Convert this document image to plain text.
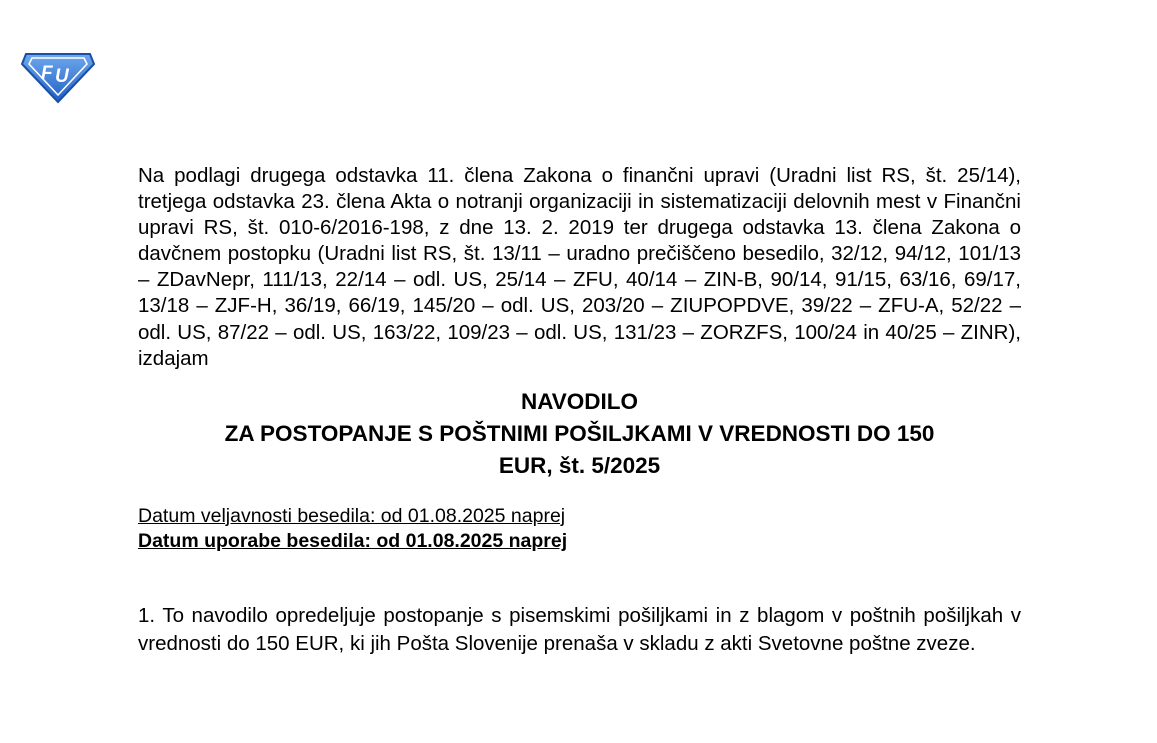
F U

Na podlagi drugega odstavka 11. člena Zakona o finančni upravi (Uradni list RS, št. 25/14), tretjega odstavka 23. člena Akta o notranji organizaciji in sistematizaciji delovnih mest v Finančni upravi RS, št. 010-6/2016-198, z dne 13. 2. 2019 ter drugega odstavka 13. člena Zakona o davčnem postopku (Uradni list RS, št. 13/11 – uradno prečiščeno besedilo, 32/12, 94/12, 101/13 – ZDavNepr, 111/13, 22/14 – odl. US, 25/14 – ZFU, 40/14 – ZIN-B, 90/14, 91/15, 63/16, 69/17, 13/18 – ZJF-H, 36/19, 66/19, 145/20 – odl. US, 203/20 – ZIUPOPDVE, 39/22 – ZFU-A, 52/22 – odl. US, 87/22 – odl. US, 163/22, 109/23 – odl. US, 131/23 – ZORZFS, 100/24 in 40/25 – ZINR), izdajam

NAVODILO
ZA POSTOPANJE S POŠTNIMI POŠILJKAMI V VREDNOSTI DO 150
EUR, št. 5/2025
Datum veljavnosti besedila: od 01.08.2025 naprej
Datum uporabe besedila: od 01.08.2025 naprej

1. To navodilo opredeljuje postopanje s pisemskimi pošiljkami in z blagom v poštnih pošiljkah v vrednosti do 150 EUR, ki jih Pošta Slovenije prenaša v skladu z akti Svetovne poštne zveze.
